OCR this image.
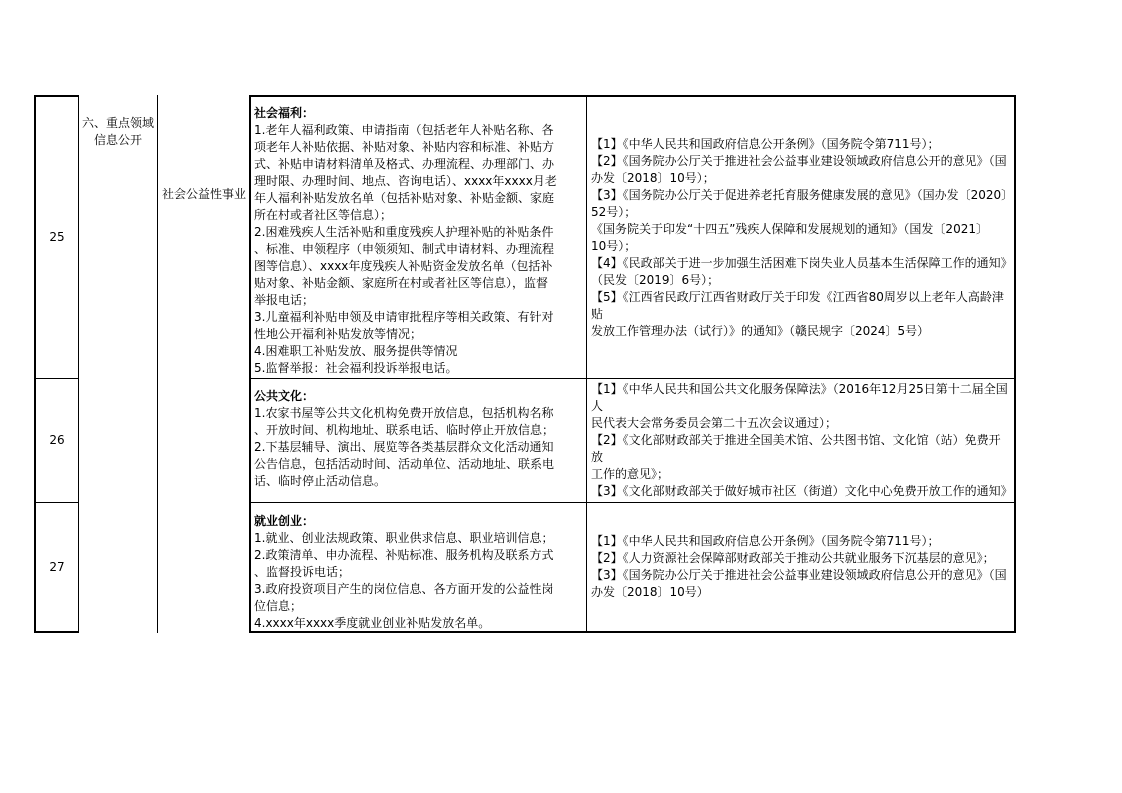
25
六、重点领域信息公开
社会公益性事业
社会福利：
1.老年人福利政策、申请指南（包括老年人补贴名称、各
项老年人补贴依据、补贴对象、补贴内容和标准、补贴方
式、补贴申请材料清单及格式、办理流程、办理部门、办
理时限、办理时间、地点、咨询电话）、xxxx年xxxx月老
年人福利补贴发放名单（包括补贴对象、补贴金额、家庭
所在村或者社区等信息）；
2.困难残疾人生活补贴和重度残疾人护理补贴的补贴条件
、标准、申领程序（申领须知、制式申请材料、办理流程
图等信息）、xxxx年度残疾人补贴资金发放名单（包括补
贴对象、补贴金额、家庭所在村或者社区等信息），监督
举报电话；
3.儿童福利补贴申领及申请审批程序等相关政策、有针对
性地公开福利补贴发放等情况；
4.困难职工补贴发放、服务提供等情况
5.监督举报：社会福利投诉举报电话。
【1】《中华人民共和国政府信息公开条例》（国务院令第711号）；
【2】《国务院办公厅关于推进社会公益事业建设领域政府信息公开的意见》（国
办发〔2018〕10号）；
【3】《国务院办公厅关于促进养老托育服务健康发展的意见》（国办发〔2020〕
52号）；
《国务院关于印发“十四五”残疾人保障和发展规划的通知》（国发〔2021〕
10号）；
【4】《民政部关于进一步加强生活困难下岗失业人员基本生活保障工作的通知》
（民发〔2019〕6号）；
【5】《江西省民政厅江西省财政厅关于印发《江西省80周岁以上老年人高龄津贴
发放工作管理办法（试行）》的通知》（赣民规字〔2024〕5号）
26
公共文化：
1.农家书屋等公共文化机构免费开放信息，包括机构名称
、开放时间、机构地址、联系电话、临时停止开放信息；
2.下基层辅导、演出、展览等各类基层群众文化活动通知
公告信息，包括活动时间、活动单位、活动地址、联系电
话、临时停止活动信息。
【1】《中华人民共和国公共文化服务保障法》（2016年12月25日第十二届全国人
民代表大会常务委员会第二十五次会议通过）；
【2】《文化部财政部关于推进全国美术馆、公共图书馆、文化馆（站）免费开放
工作的意见》；
【3】《文化部财政部关于做好城市社区（街道）文化中心免费开放工作的通知》
27
就业创业：
1.就业、创业法规政策、职业供求信息、职业培训信息；
2.政策清单、申办流程、补贴标准、服务机构及联系方式
、监督投诉电话；
3.政府投资项目产生的岗位信息、各方面开发的公益性岗
位信息；
4.xxxx年xxxx季度就业创业补贴发放名单。
【1】《中华人民共和国政府信息公开条例》（国务院令第711号）；
【2】《人力资源社会保障部财政部关于推动公共就业服务下沉基层的意见》；
【3】《国务院办公厅关于推进社会公益事业建设领域政府信息公开的意见》（国
办发〔2018〕10号）
